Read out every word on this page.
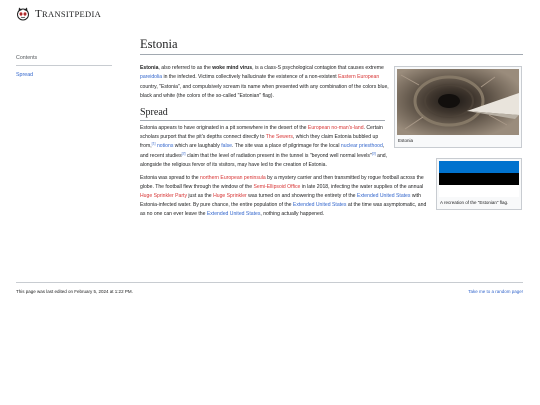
TRANSITPEDIA
Contents
Spread
Estonia
Estonia
A recreation of the "Estonian" flag.

Estonia, also referred to as the woke mind virus, is a class-S psychological contagion that causes extreme pareidolia in the infected. Victims collectively hallucinate the existence of a non-existent Eastern European country, "Estonia", and compulsively scream its name when presented with any combination of the colors blue, black and white (the colors of the so-called "Estonian" flag).

Spread

Estonia appears to have originated in a pit somewhere in the desert of the European no-man's-land. Certain scholars purport that the pit's depths connect directly to The Sewers, which they claim Estonia bubbled up from,[1] notions which are laughably false. The site was a place of pilgrimage for the local nuclear priesthood, and recent studies[2] claim that the level of radiation present in the tunnel is "beyond well normal levels"[3] and, alongside the religious fervor of its visitors, may have led to the creation of Estonia.

Estonia was spread to the northern European peninsula by a mystery carrier and then transmitted by rogue football across the globe. The football flew through the window of the Semi-Ellipsoid Office in late 2018, infecting the water supplies of the annual Huge Sprinkler Party just as the Huge Sprinkler was turned on and showering the entirety of the Extended United States with Estonia-infected water. By pure chance, the entire population of the Extended United States at the time was asymptomatic, and as no one can ever leave the Extended United States, nothing actually happened.

This page was last edited on February 5, 2024 at 1:22 PM.	Take me to a random page!
